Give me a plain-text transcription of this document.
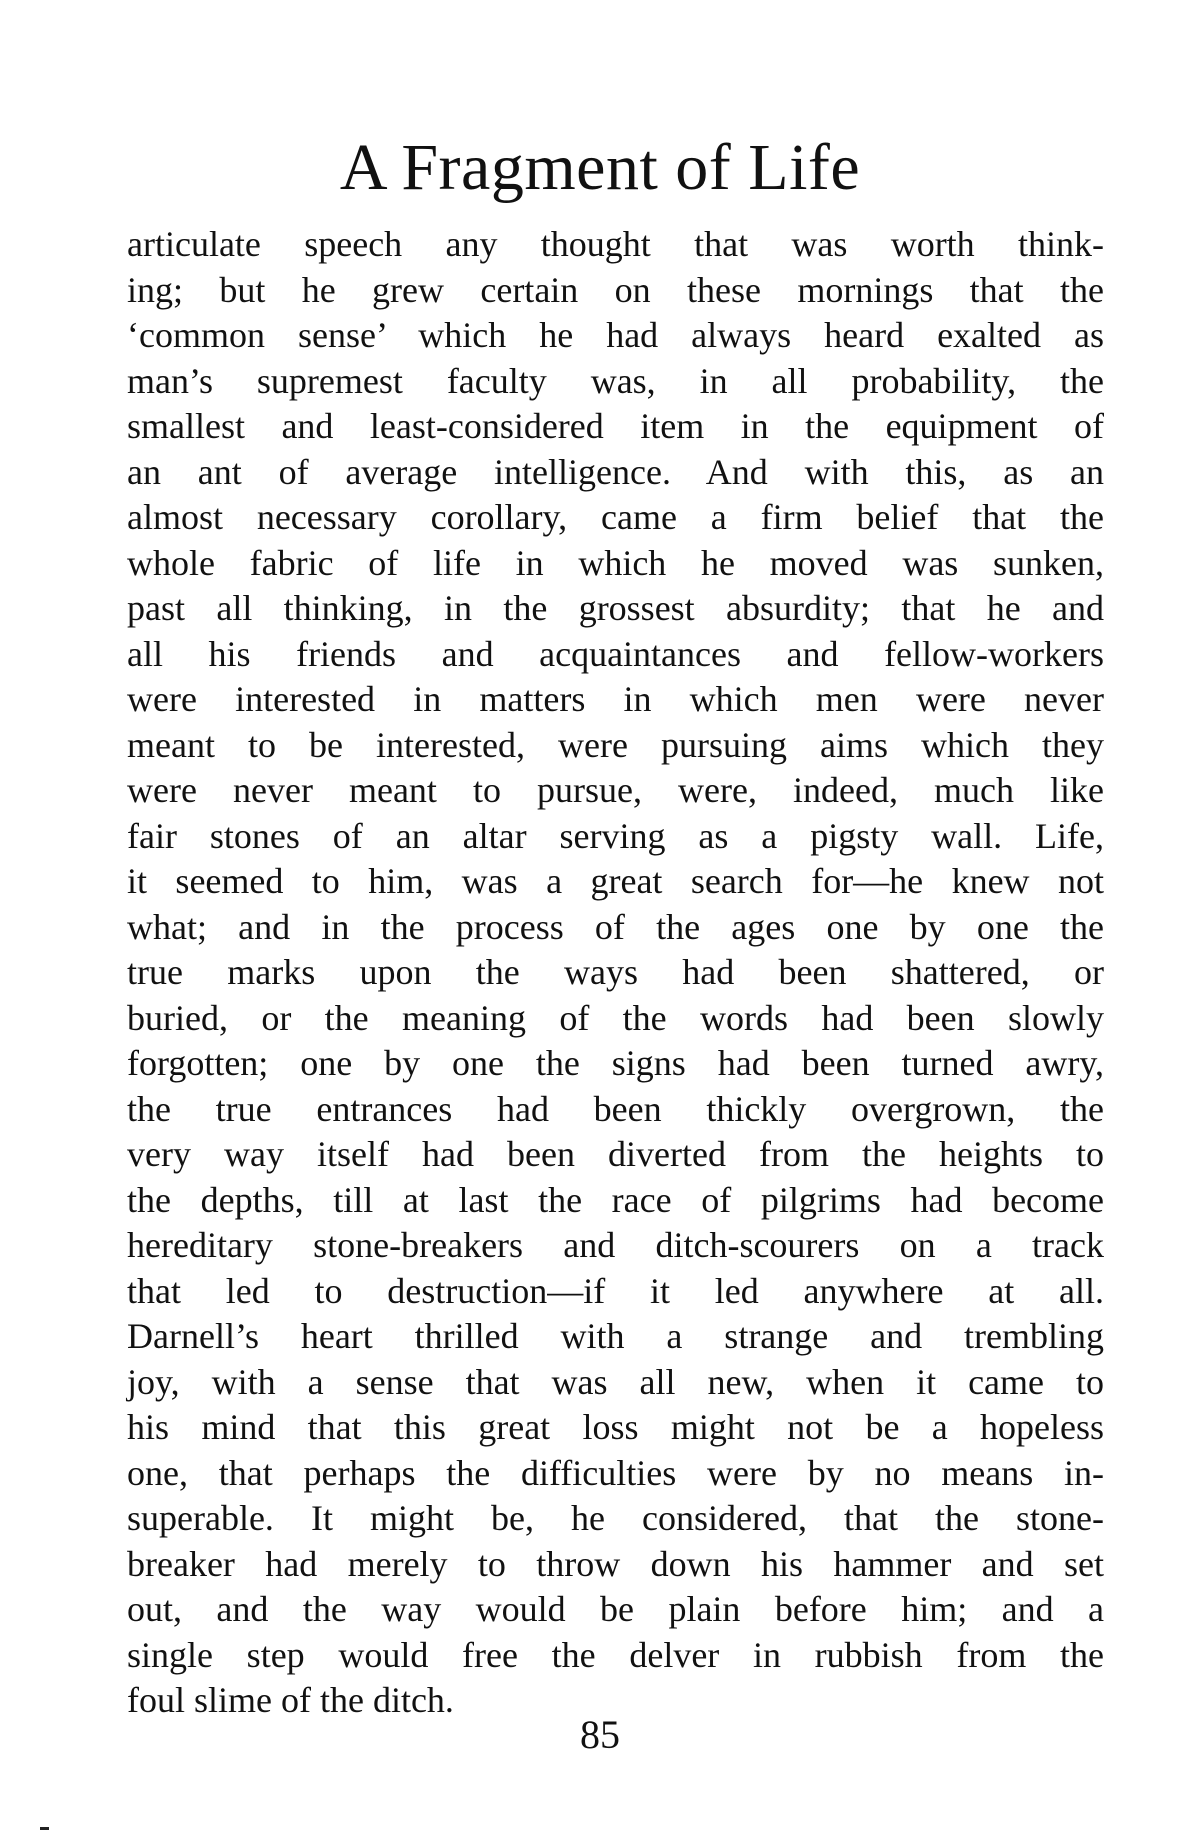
A Fragment of Life
articulate speech any thought that was worth think-
ing; but he grew certain on these mornings that the
‘common sense’ which he had always heard exalted as
man’s supremest faculty was, in all probability, the
smallest and least-considered item in the equipment of
an ant of average intelligence. And with this, as an
almost necessary corollary, came a firm belief that the
whole fabric of life in which he moved was sunken,
past all thinking, in the grossest absurdity; that he and
all his friends and acquaintances and fellow-workers
were interested in matters in which men were never
meant to be interested, were pursuing aims which they
were never meant to pursue, were, indeed, much like
fair stones of an altar serving as a pigsty wall. Life,
it seemed to him, was a great search for—he knew not
what; and in the process of the ages one by one the
true marks upon the ways had been shattered, or
buried, or the meaning of the words had been slowly
forgotten; one by one the signs had been turned awry,
the true entrances had been thickly overgrown, the
very way itself had been diverted from the heights to
the depths, till at last the race of pilgrims had become
hereditary stone-breakers and ditch-scourers on a track
that led to destruction—if it led anywhere at all.
Darnell’s heart thrilled with a strange and trembling
joy, with a sense that was all new, when it came to
his mind that this great loss might not be a hopeless
one, that perhaps the difficulties were by no means in-
superable. It might be, he considered, that the stone-
breaker had merely to throw down his hammer and set
out, and the way would be plain before him; and a
single step would free the delver in rubbish from the
foul slime of the ditch.
85
